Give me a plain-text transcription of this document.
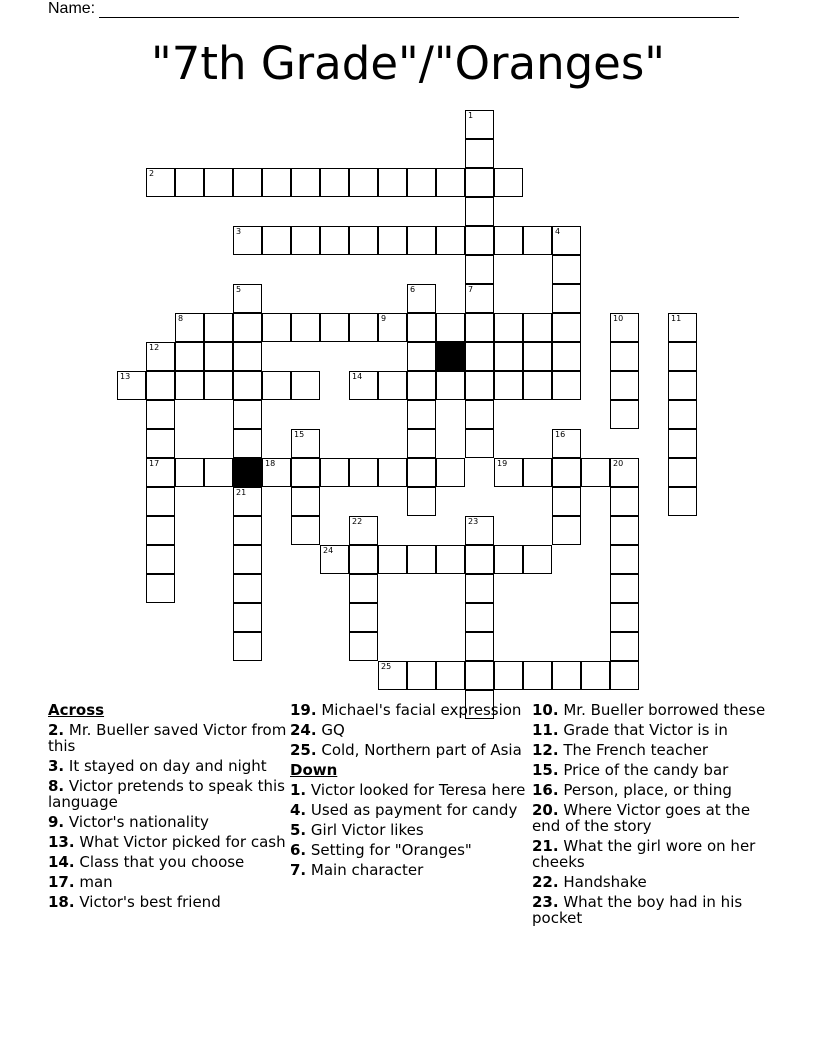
Name:
"7th Grade"/"Oranges"
1
2
3	4
5	6	7
8	9	10	11
12
13	14
15	16
17	18	19	20
21
22	23
24
25
Across
2. Mr. Bueller saved Victor from this
3. It stayed on day and night
8. Victor pretends to speak this language
9. Victor's nationality
13. What Victor picked for cash
14. Class that you choose
17. man
18. Victor's best friend
19. Michael's facial expression
24. GQ
25. Cold, Northern part of Asia
Down
1. Victor looked for Teresa here
4. Used as payment for candy
5. Girl Victor likes
6. Setting for "Oranges"
7. Main character
10. Mr. Bueller borrowed these
11. Grade that Victor is in
12. The French teacher
15. Price of the candy bar
16. Person, place, or thing
20. Where Victor goes at the end of the story
21. What the girl wore on her cheeks
22. Handshake
23. What the boy had in his pocket
